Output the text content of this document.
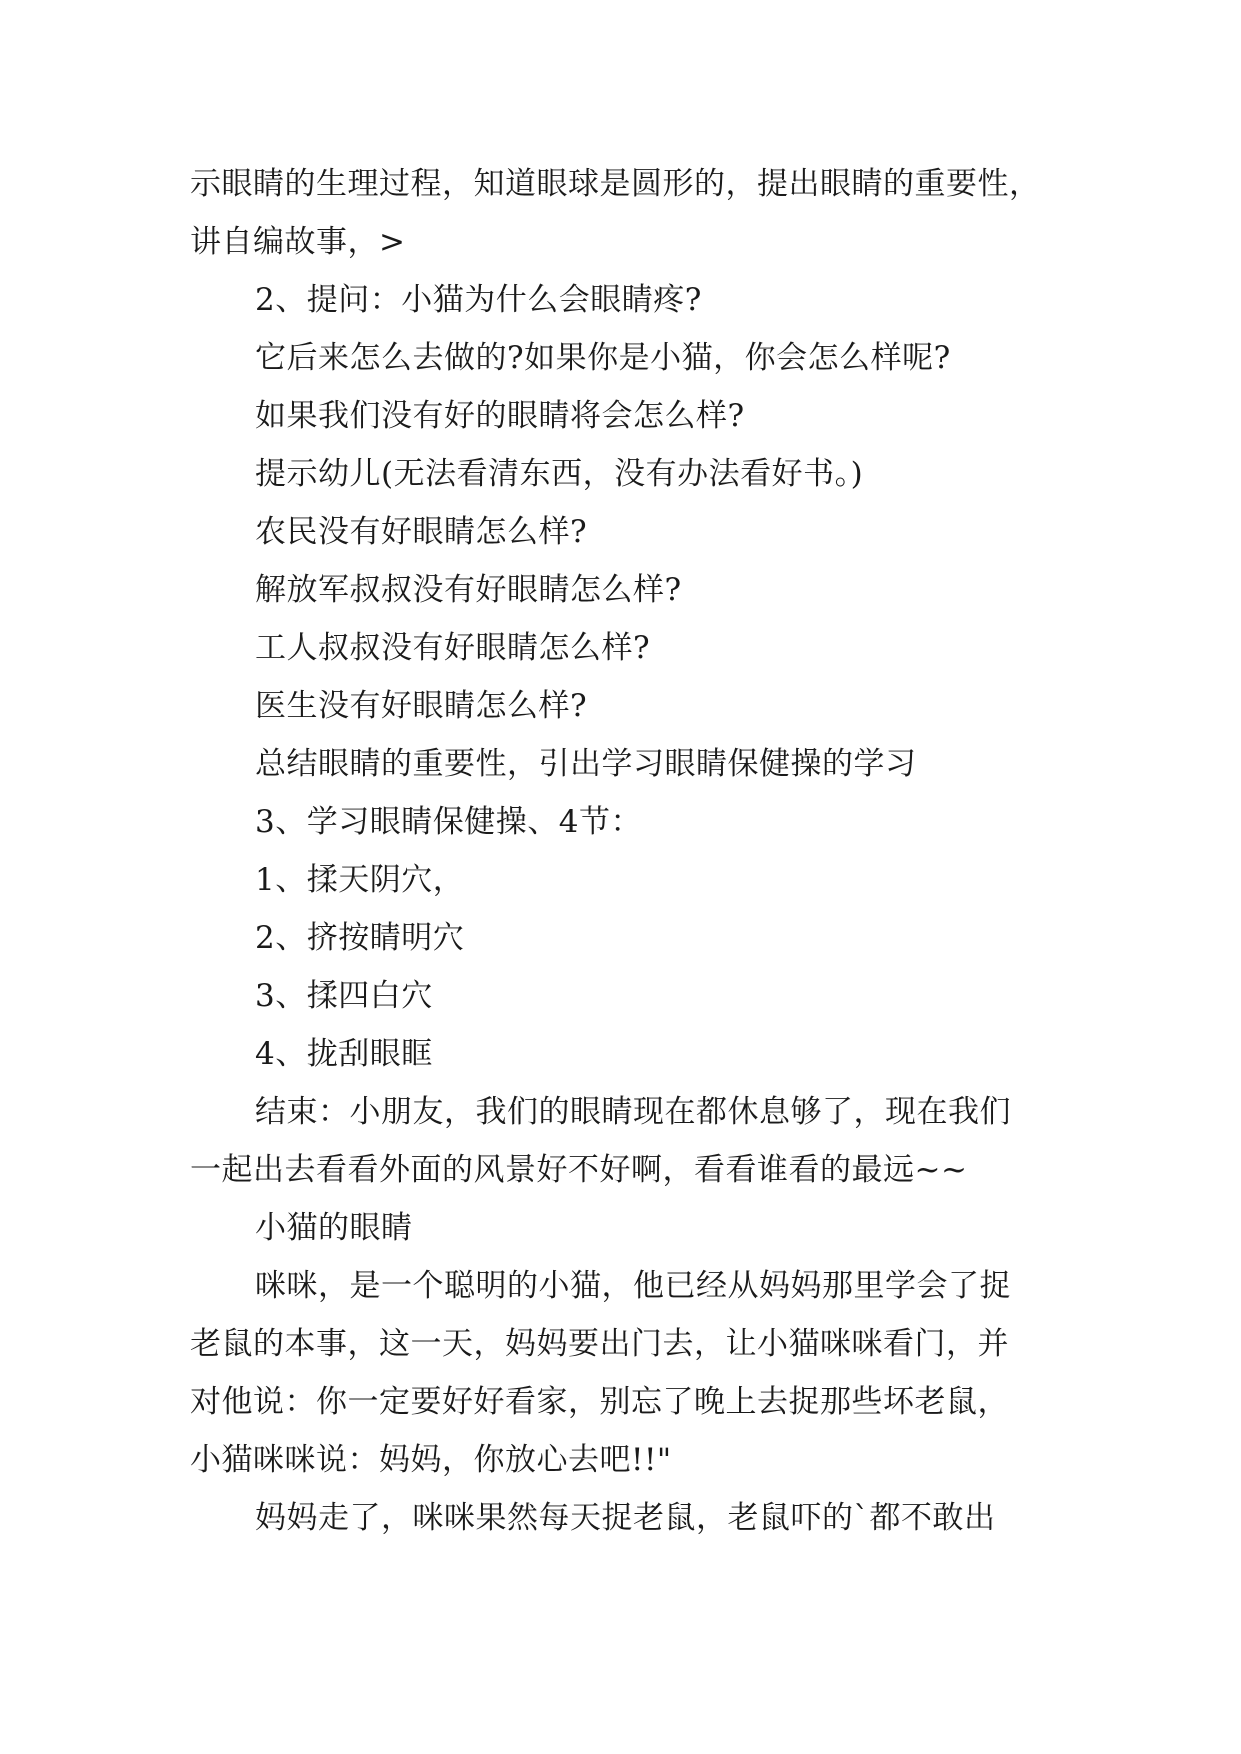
示眼睛的生理过程，知道眼球是圆形的，提出眼睛的重要性，
讲自编故事，>
2、提问：小猫为什么会眼睛疼?
它后来怎么去做的?如果你是小猫，你会怎么样呢?
如果我们没有好的眼睛将会怎么样?
提示幼儿(无法看清东西，没有办法看好书。)
农民没有好眼睛怎么样?
解放军叔叔没有好眼睛怎么样?
工人叔叔没有好眼睛怎么样?
医生没有好眼睛怎么样?
总结眼睛的重要性，引出学习眼睛保健操的学习
3、学习眼睛保健操、4节：
1、揉天阴穴，
2、挤按睛明穴
3、揉四白穴
4、拢刮眼眶
结束：小朋友，我们的眼睛现在都休息够了，现在我们
一起出去看看外面的风景好不好啊，看看谁看的最远~~
小猫的眼睛
咪咪，是一个聪明的小猫，他已经从妈妈那里学会了捉
老鼠的本事，这一天，妈妈要出门去，让小猫咪咪看门，并
对他说：你一定要好好看家，别忘了晚上去捉那些坏老鼠，
小猫咪咪说：妈妈，你放心去吧!!"
妈妈走了，咪咪果然每天捉老鼠，老鼠吓的`都不敢出
